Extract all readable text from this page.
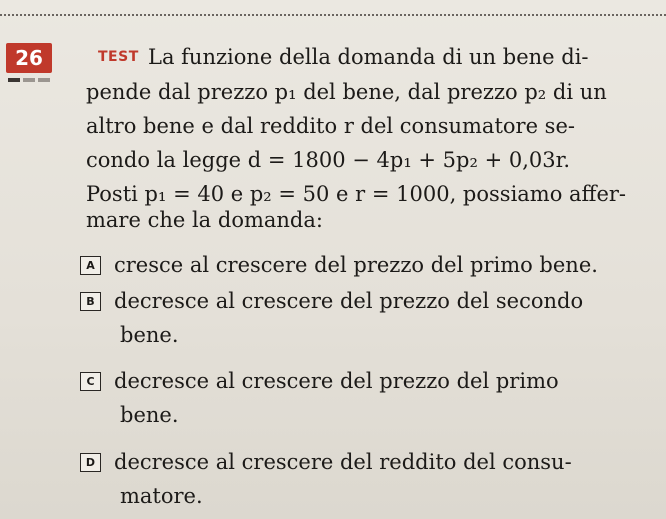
26	TEST La funzione della domanda di un bene di-
pende dal prezzo p₁ del bene, dal prezzo p₂ di un
altro bene e dal reddito r del consumatore se-
condo la legge d = 1800 − 4p₁ + 5p₂ + 0,03r.
Posti p₁ = 40 e p₂ = 50 e r = 1000, possiamo affer-
mare che la domanda:
A cresce al crescere del prezzo del primo bene.
B decresce al crescere del prezzo del secondo
bene.
C decresce al crescere del prezzo del primo
bene.
D decresce al crescere del reddito del consu-
matore.
